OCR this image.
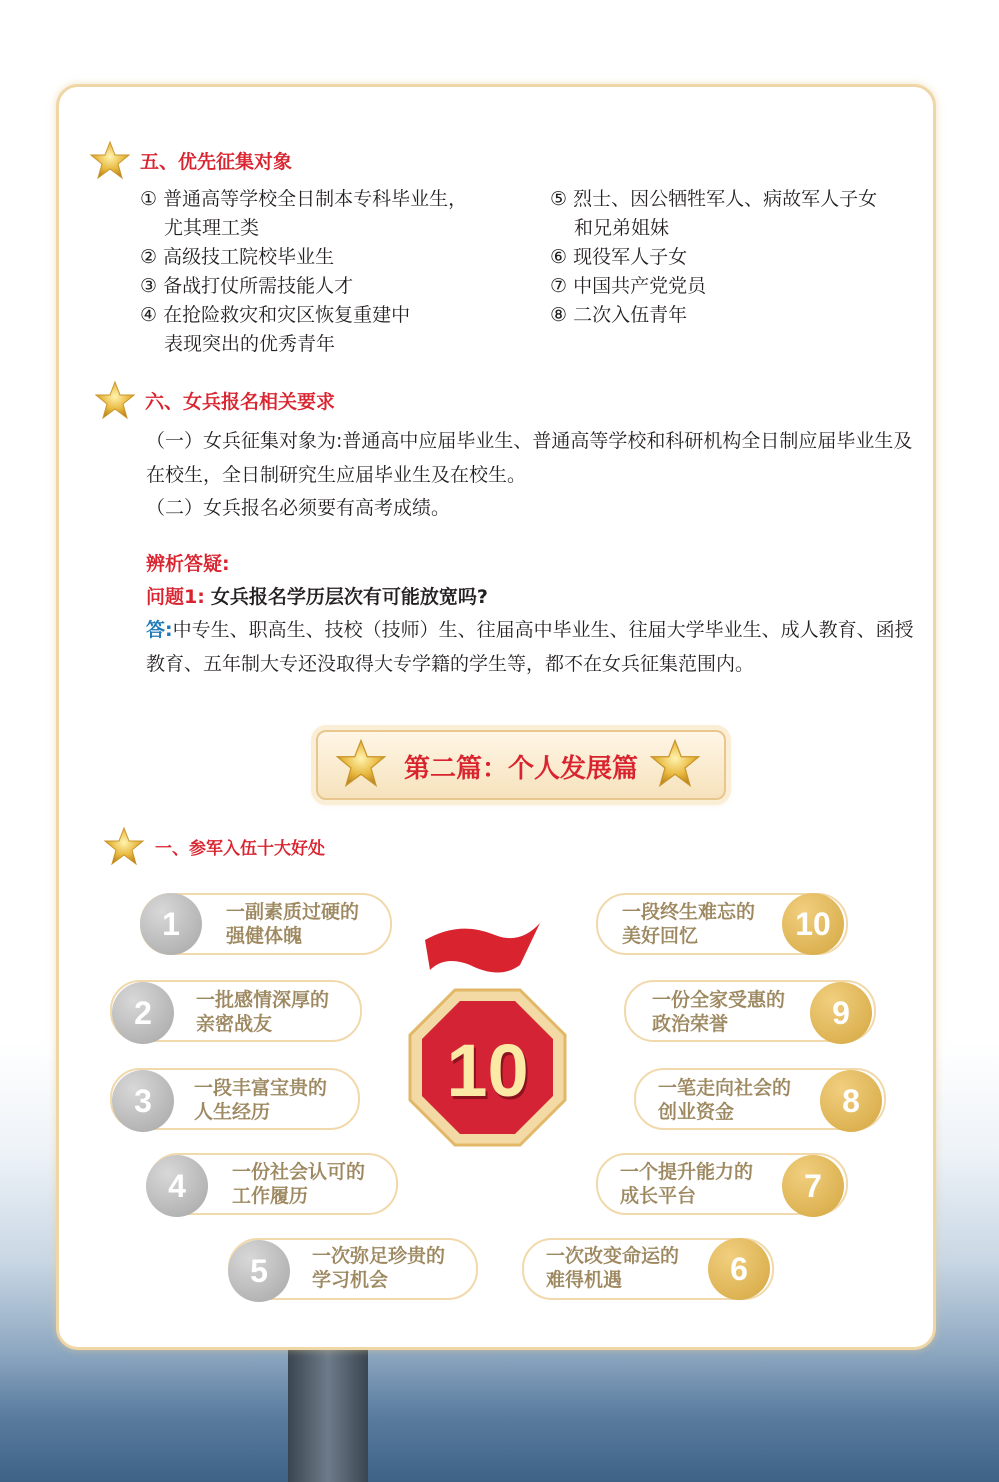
五、优先征集对象
① 普通高等学校全日制本专科毕业生，
尤其理工类
② 高级技工院校毕业生
③ 备战打仗所需技能人才
④ 在抢险救灾和灾区恢复重建中
表现突出的优秀青年
⑤ 烈士、因公牺牲军人、病故军人子女
和兄弟姐妹
⑥ 现役军人子女
⑦ 中国共产党党员
⑧ 二次入伍青年
六、女兵报名相关要求
（一）女兵征集对象为:普通高中应届毕业生、普通高等学校和科研机构全日制应届毕业生及在校生，全日制研究生应届毕业生及在校生。
（二）女兵报名必须要有高考成绩。
辨析答疑:
问题1: 女兵报名学历层次有可能放宽吗?
答:中专生、职高生、技校（技师）生、往届高中毕业生、往届大学毕业生、成人教育、函授教育、五年制大专还没取得大专学籍的学生等，都不在女兵征集范围内。
第二篇：个人发展篇
一、参军入伍十大好处
10
1	一副素质过硬的
强健体魄
2	一批感情深厚的
亲密战友
3	一段丰富宝贵的
人生经历
4	一份社会认可的
工作履历
5	一次弥足珍贵的
学习机会
10
一段终生难忘的
美好回忆
9
一份全家受惠的
政治荣誉
8
一笔走向社会的
创业资金
7
一个提升能力的
成长平台
6
一次改变命运的
难得机遇
